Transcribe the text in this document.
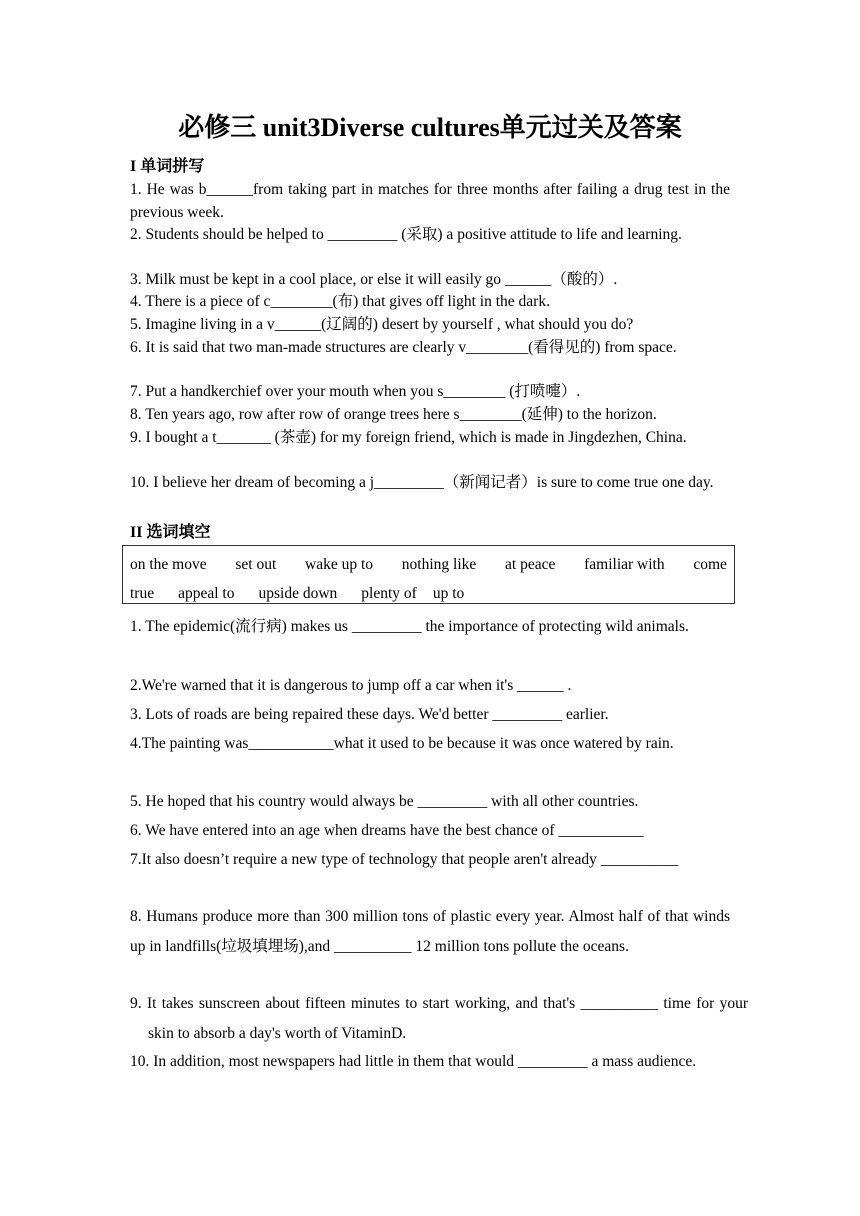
必修三 unit3Diverse cultures单元过关及答案
I 单词拼写
1. He was b______from taking part in matches for three months after failing a drug test in the previous week.
2. Students should be helped to _________ (采取) a positive attitude to life and learning.
3. Milk must be kept in a cool place, or else it will easily go ______（酸的）.
4. There is a piece of c________(布) that gives off light in the dark.
5. Imagine living in a v______(辽阔的) desert by yourself , what should you do?
6. It is said that two man-made structures are clearly v________(看得见的) from space.
7. Put a handkerchief over your mouth when you s________ (打喷嚏）.
8. Ten years ago, row after row of orange trees here s________(延伸) to the horizon.
9. I bought a t_______ (茶壶) for my foreign friend, which is made in Jingdezhen, China.
10. I believe her dream of becoming a j_________（新闻记者）is sure to come true one day.
II 选词填空
on the move set out wake up to nothing like at peace familiar with come
true appeal to upside down plenty of up to
1. The epidemic(流行病) makes us _________ the importance of protecting wild animals.
2.We're warned that it is dangerous to jump off a car when it's ______ .
3. Lots of roads are being repaired these days. We'd better _________ earlier.
4.The painting was___________what it used to be because it was once watered by rain.
5. He hoped that his country would always be _________ with all other countries.
6. We have entered into an age when dreams have the best chance of ___________
7.It also doesn’t require a new type of technology that people aren't already __________
8. Humans produce more than 300 million tons of plastic every year. Almost half of that winds up in landfills(垃圾填埋场),and __________ 12 million tons pollute the oceans.
9. It takes sunscreen about fifteen minutes to start working, and that's __________ time for your skin to absorb a day's worth of VitaminD.
10. In addition, most newspapers had little in them that would _________ a mass audience.
